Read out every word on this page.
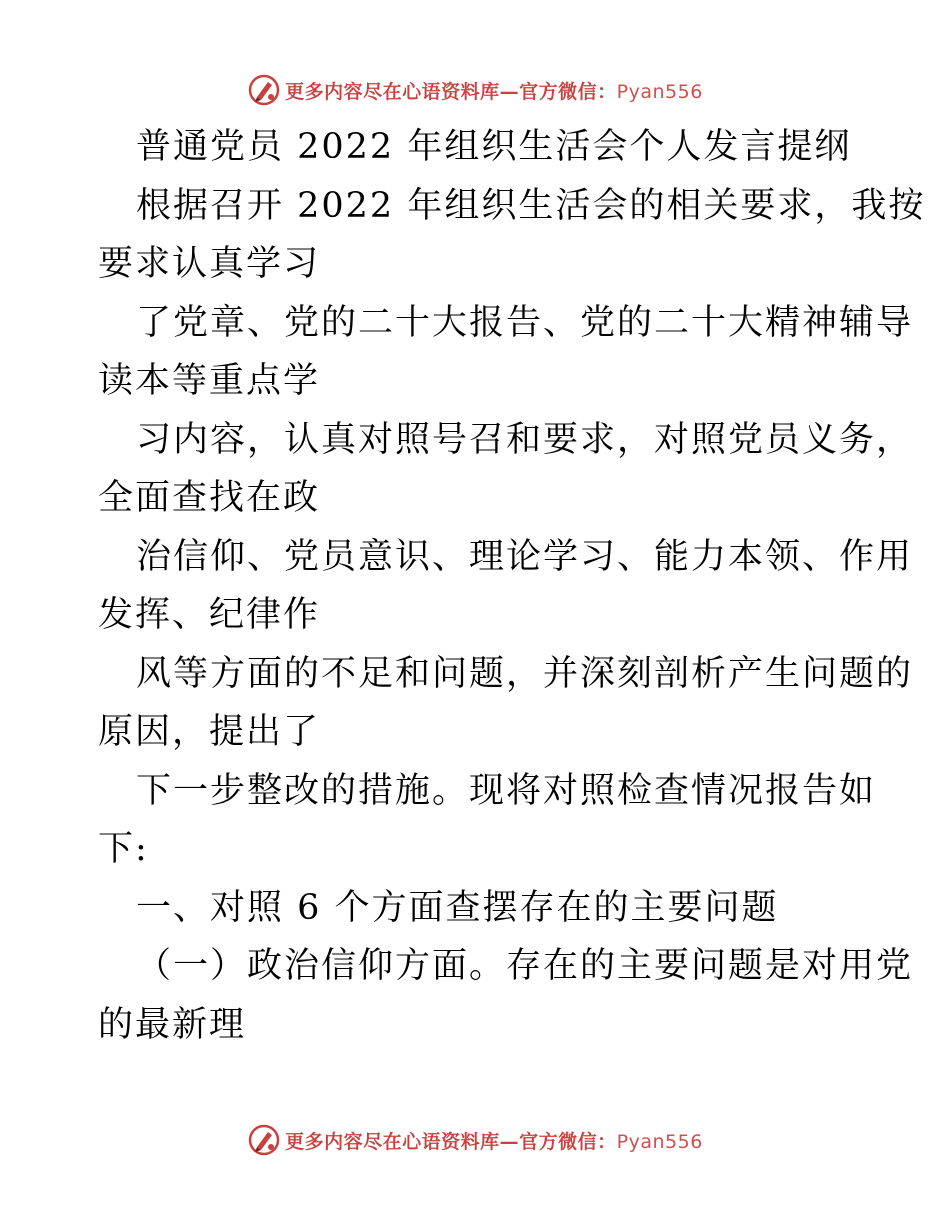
更多内容尽在心语资料库—官方微信：Pyan556
普通党员 2022 年组织生活会个人发言提纲
根据召开 2022 年组织生活会的相关要求，我按
要求认真学习
了党章、党的二十大报告、党的二十大精神辅导
读本等重点学
习内容，认真对照号召和要求，对照党员义务，
全面查找在政
治信仰、党员意识、理论学习、能力本领、作用
发挥、纪律作
风等方面的不足和问题，并深刻剖析产生问题的
原因，提出了
下一步整改的措施。现将对照检查情况报告如
下:
一、对照 6 个方面查摆存在的主要问题
（一）政治信仰方面。存在的主要问题是对用党
的最新理
更多内容尽在心语资料库—官方微信：Pyan556
